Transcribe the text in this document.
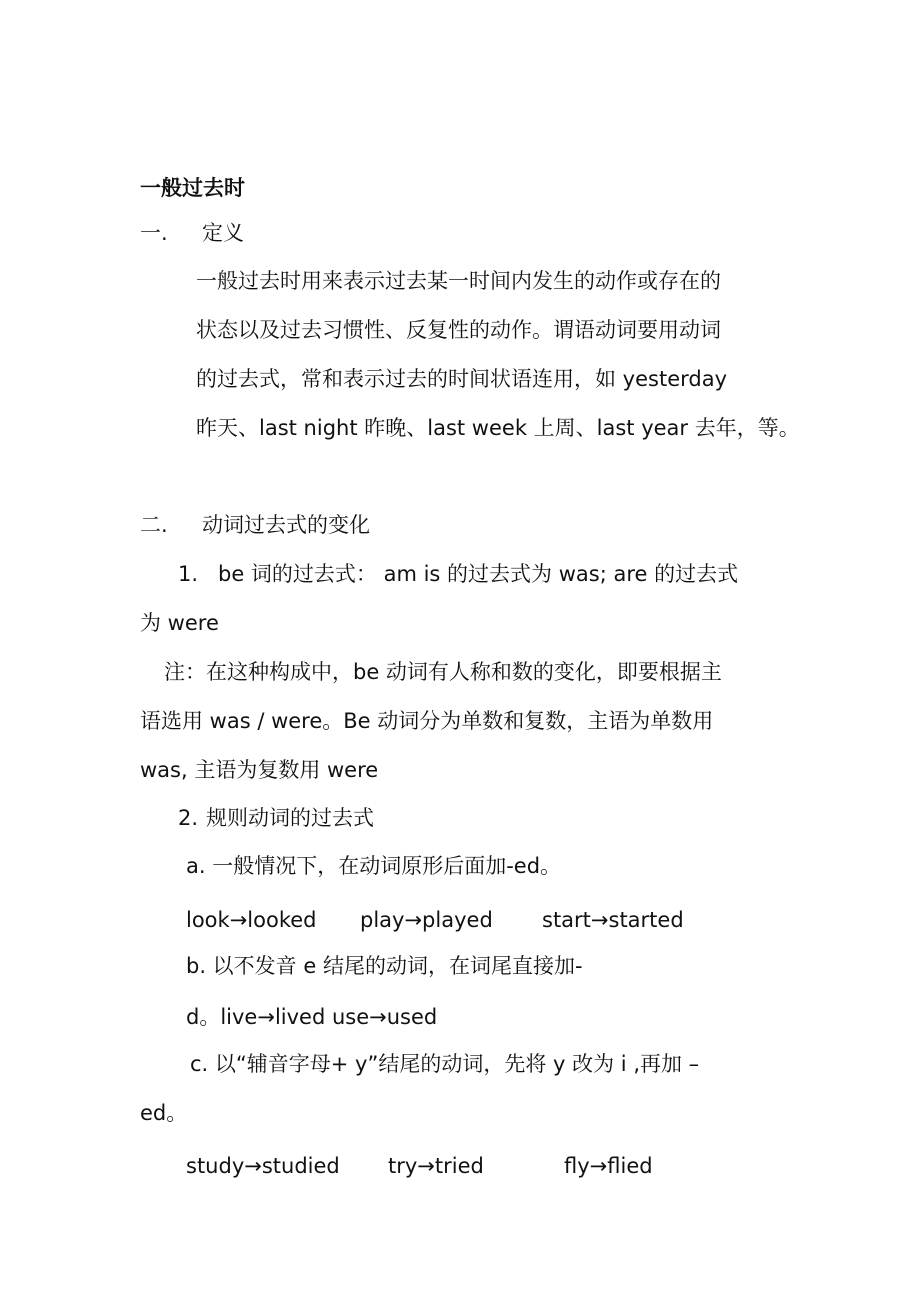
一般过去时
一. 定义
一般过去时用来表示过去某一时间内发生的动作或存在的
状态以及过去习惯性、反复性的动作。谓语动词要用动词
的过去式，常和表示过去的时间状语连用，如 yesterday
昨天、last night 昨晚、last week 上周、last year 去年，等。
二. 动词过去式的变化
1. be 词的过去式： am is 的过去式为 was; are 的过去式
为 were
注：在这种构成中，be 动词有人称和数的变化，即要根据主
语选用 was / were。Be 动词分为单数和复数，主语为单数用
was, 主语为复数用 were
2. 规则动词的过去式
a. 一般情况下，在动词原形后面加-ed。
look→looked play→played start→started
b. 以不发音 e 结尾的动词，在词尾直接加-
d。live→lived use→used
c. 以“辅音字母+ y”结尾的动词，先将 y 改为 i ,再加 –
ed。
study→studied try→tried	fly→flied
